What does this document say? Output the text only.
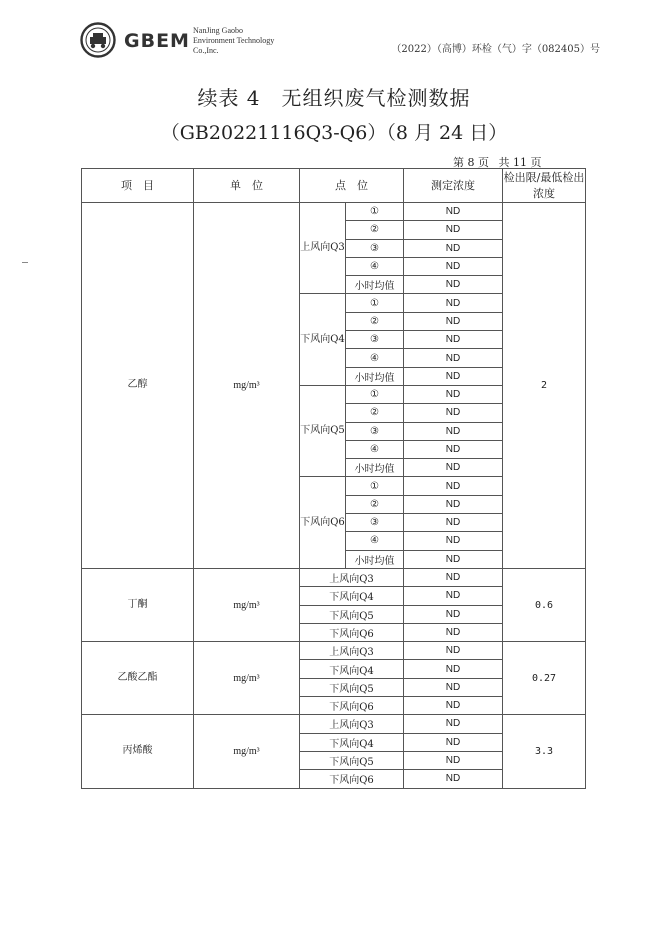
GBEM NanJing Gaobo
Environment Technology
Co.,Inc.	（2022）（高博）环检（气）字（082405）号
续表 4　无组织废气检测数据
（GB20221116Q3-Q6）（8 月 24 日）
第 8 页 共 11 页
项　目	单　位	点　位		测定浓度	检出限/最低检出浓度
乙醇	mg/m³	上风向Q3	①	ND	2
			②	ND	
			③	ND	
			④	ND	
			小时均值	ND	
		下风向Q4	①	ND	
			②	ND	
			③	ND	
			④	ND	
			小时均值	ND	
		下风向Q5	①	ND	
			②	ND	
			③	ND	
			④	ND	
			小时均值	ND	
		下风向Q6	①	ND	
			②	ND	
			③	ND	
			④	ND	
			小时均值	ND	
丁酮	mg/m³	上风向Q3		ND	0.6
		下风向Q4		ND	
		下风向Q5		ND	
		下风向Q6		ND	
乙酸乙酯	mg/m³	上风向Q3		ND	0.27
		下风向Q4		ND	
		下风向Q5		ND	
		下风向Q6		ND	
丙烯酸	mg/m³	上风向Q3		ND	3.3
		下风向Q4		ND	
		下风向Q5		ND	
		下风向Q6		ND	
